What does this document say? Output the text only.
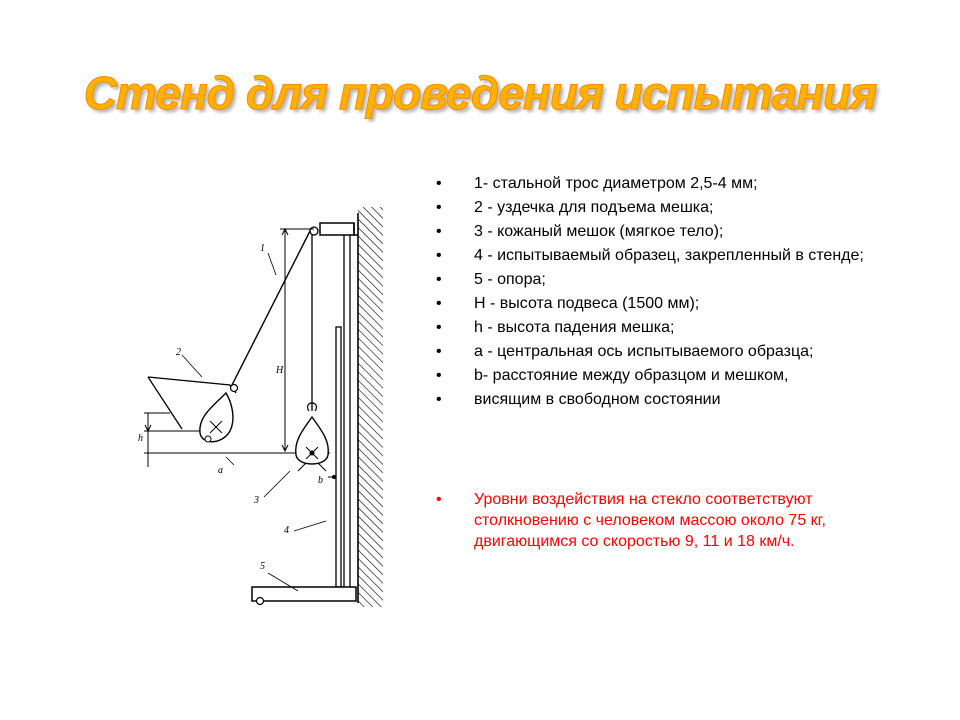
Стенд для проведения испытания
1
2
3
4
5
H
h
a
b
• 1- стальной трос диаметром 2,5-4 мм;
• 2 - уздечка для подъема мешка;
• 3 - кожаный мешок (мягкое тело);
• 4 - испытываемый образец, закрепленный в стенде;
• 5 - опора;
• H - высота подвеса (1500 мм);
• h - высота падения мешка;
• а - центральная ось испытываемого образца;
• b- расстояние между образцом и мешком,
• висящим в свободном состоянии
• Уровни воздействия на стекло соответствуют столкновению с человеком массою около 75 кг, двигающимся со скоростью 9, 11 и 18 км/ч.
